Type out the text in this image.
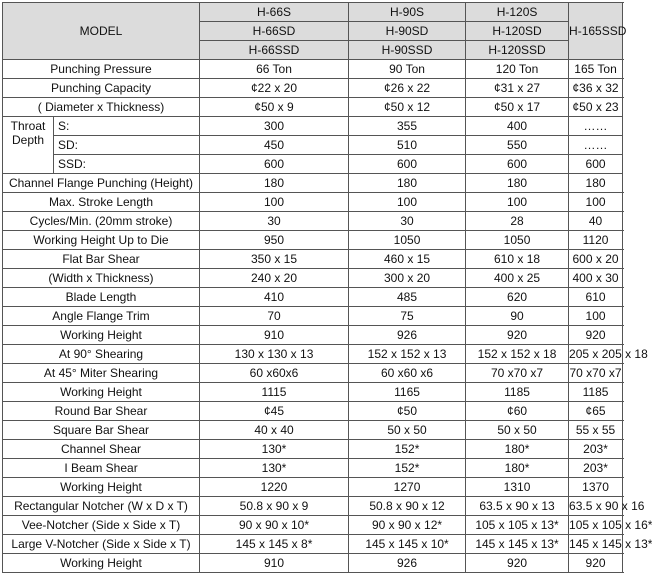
MODEL		H-66S	H-90S	H-120S	H-165SSD
		H-66SD	H-90SD	H-120SD	
		H-66SSD	H-90SSD	H-120SSD	
Punching Pressure		66 Ton	90 Ton	120 Ton	165 Ton
Punching Capacity		¢22 x 20	¢26 x 22	¢31 x 27	¢36 x 32
( Diameter x Thickness)		¢50 x 9	¢50 x 12	¢50 x 17	¢50 x 23

Throat
Depth	S:	300	355	400	……
	SD:	450	510	550	……
	SSD:	600	600	600	600
Channel Flange Punching (Height)		180	180	180	180
Max. Stroke Length		100	100	100	100
Cycles/Min. (20mm stroke)		30	30	28	40
Working Height Up to Die		950	1050	1050	1120
Flat Bar Shear		350 x 15	460 x 15	610 x 18	600 x 20
(Width x Thickness)		240 x 20	300 x 20	400 x 25	400 x 30
Blade Length		410	485	620	610
Angle Flange Trim		70	75	90	100
Working Height		910	926	920	920
At 90° Shearing		130 x 130 x 13	152 x 152 x 13	152 x 152 x 18	205 x 205 x 18
At 45° Miter Shearing		60 x60x6	60 x60 x6	70 x70 x7	70 x70 x7
Working Height		1115	1165	1185	1185
Round Bar Shear		¢45	¢50	¢60	¢65
Square Bar Shear		40 x 40	50 x 50	50 x 50	55 x 55
Channel Shear		130*	152*	180*	203*
I Beam Shear		130*	152*	180*	203*
Working Height		1220	1270	1310	1370
Rectangular Notcher (W x D x T)		50.8 x 90 x 9	50.8 x 90 x 12	63.5 x 90 x 13	63.5 x 90 x 16
Vee-Notcher (Side x Side x T)		90 x 90 x 10*	90 x 90 x 12*	105 x 105 x 13*	105 x 105 x 16*
Large V-Notcher (Side x Side x T)		145 x 145 x 8*	145 x 145 x 10*	145 x 145 x 13*	145 x 145 x 13*
Working Height		910	926	920	920
